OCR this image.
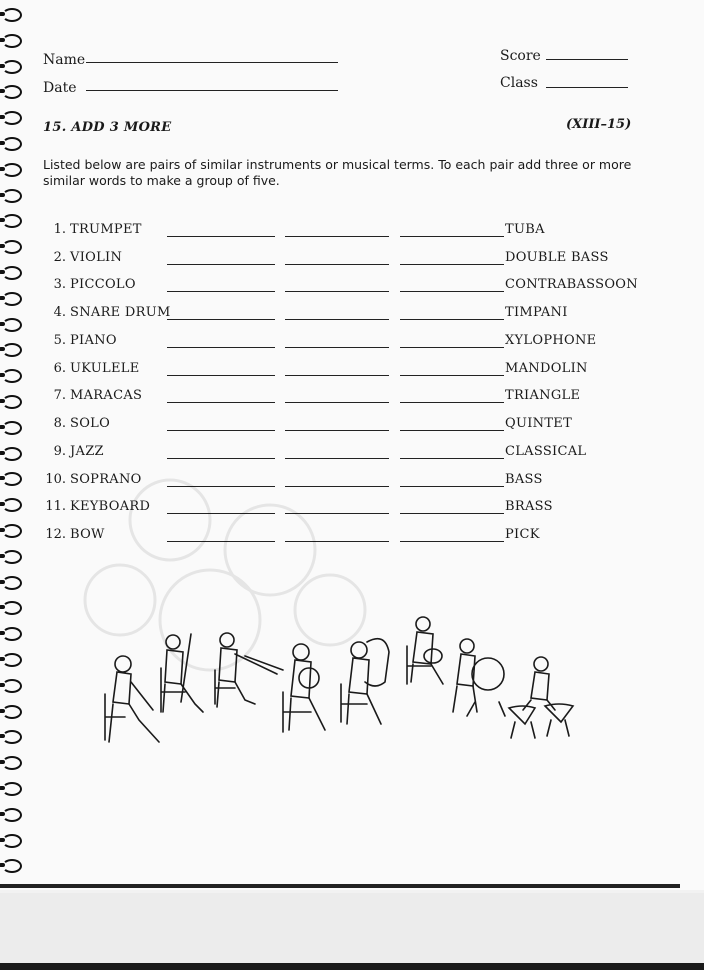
Name
Date
Score
Class
15. ADD 3 MORE	(XIII–15)
Listed below are pairs of similar instruments or musical terms. To each pair add three or more similar words to make a group of five.
1. TRUMPET	TUBA
2. VIOLIN	DOUBLE BASS
3. PICCOLO	CONTRABASSOON
4. SNARE DRUM	TIMPANI
5. PIANO	XYLOPHONE
6. UKULELE	MANDOLIN
7. MARACAS	TRIANGLE
8. SOLO	QUINTET
9. JAZZ	CLASSICAL
10. SOPRANO	BASS
11. KEYBOARD	BRASS
12. BOW	PICK
